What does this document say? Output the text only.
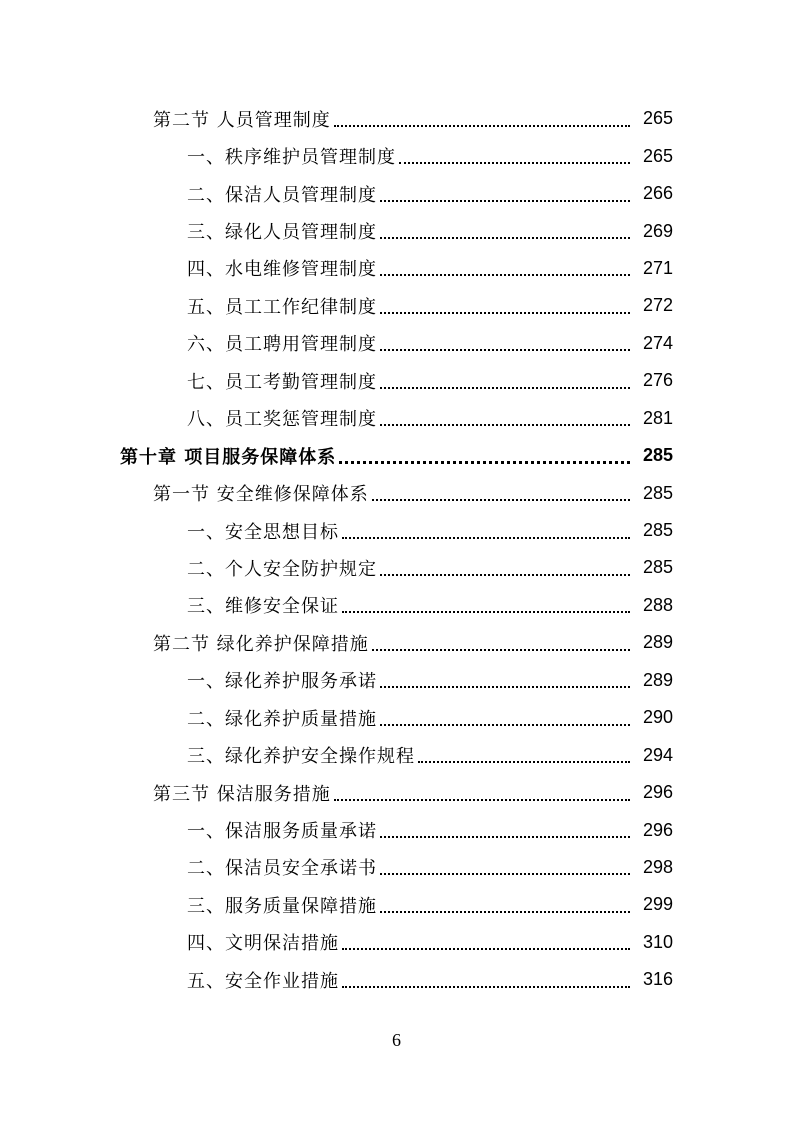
第二节 人员管理制度	265
一、秩序维护员管理制度	265
二、保洁人员管理制度	266
三、绿化人员管理制度	269
四、水电维修管理制度	271
五、员工工作纪律制度	272
六、员工聘用管理制度	274
七、员工考勤管理制度	276
八、员工奖惩管理制度	281
第十章 项目服务保障体系	285
第一节 安全维修保障体系	285
一、安全思想目标	285
二、个人安全防护规定	285
三、维修安全保证	288
第二节 绿化养护保障措施	289
一、绿化养护服务承诺	289
二、绿化养护质量措施	290
三、绿化养护安全操作规程	294
第三节 保洁服务措施	296
一、保洁服务质量承诺	296
二、保洁员安全承诺书	298
三、服务质量保障措施	299
四、文明保洁措施	310
五、安全作业措施	316
6
